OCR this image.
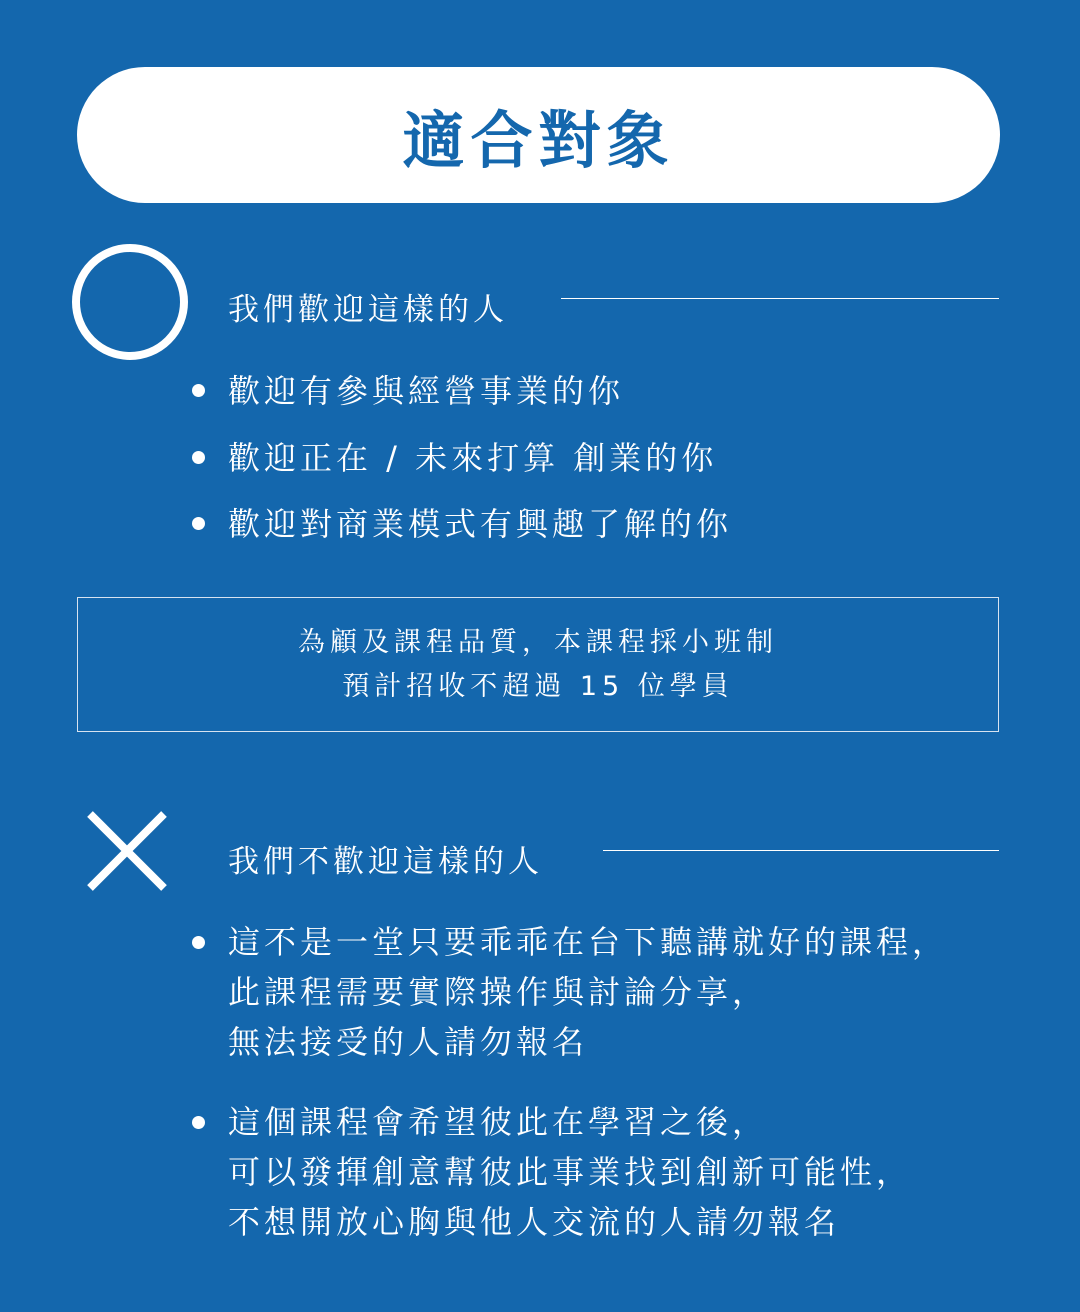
適合對象
我們歡迎這樣的人
歡迎有參與經營事業的你
歡迎正在 / 未來打算 創業的你
歡迎對商業模式有興趣了解的你
為顧及課程品質，本課程採小班制
預計招收不超過 15 位學員
我們不歡迎這樣的人
這不是一堂只要乖乖在台下聽講就好的課程，
此課程需要實際操作與討論分享，
無法接受的人請勿報名
這個課程會希望彼此在學習之後，
可以發揮創意幫彼此事業找到創新可能性，
不想開放心胸與他人交流的人請勿報名
